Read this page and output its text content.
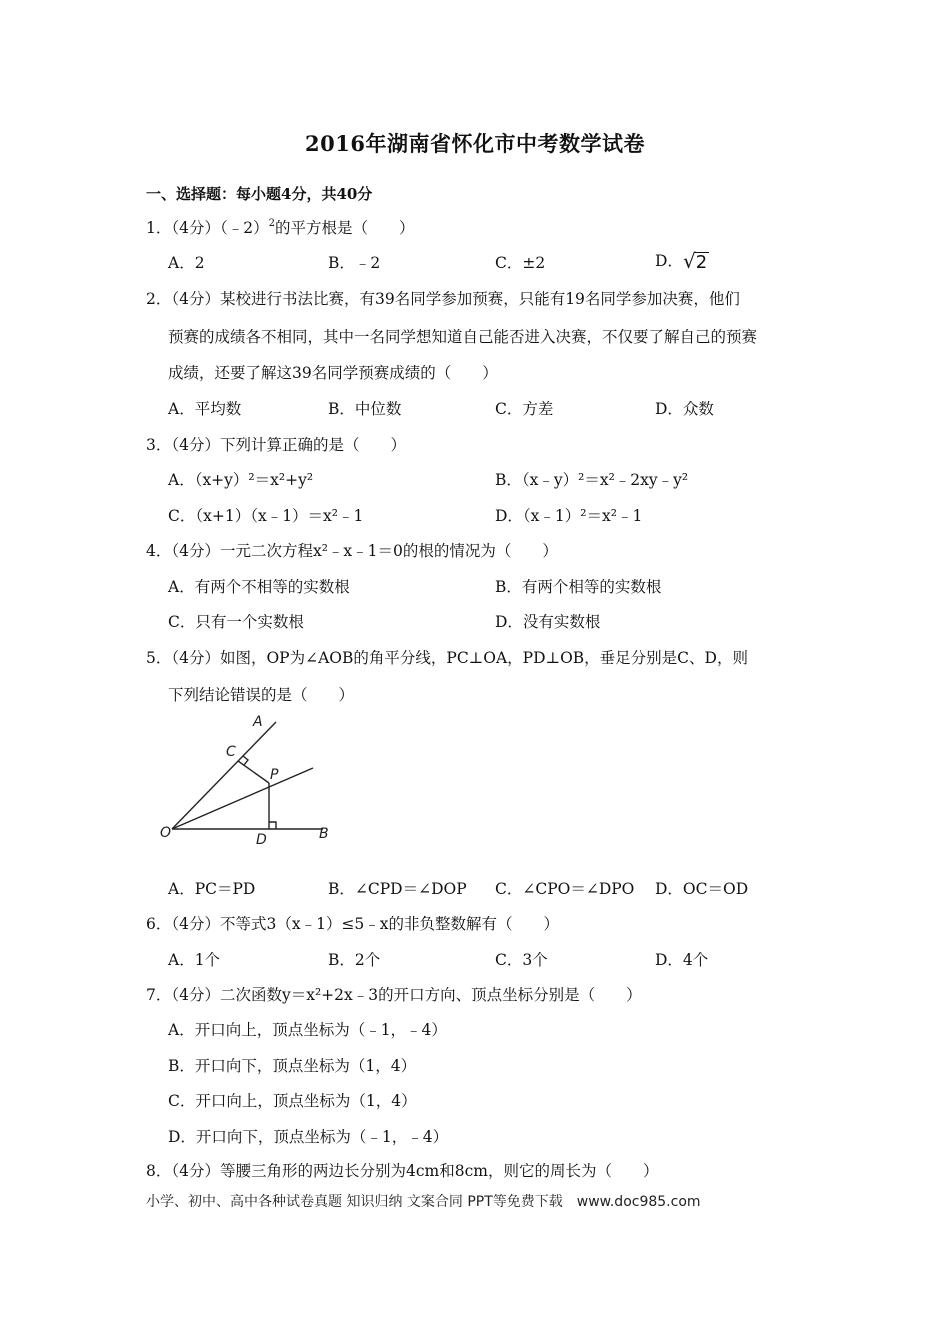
2016年湖南省怀化市中考数学试卷
一、选择题：每小题4分，共40分
1．（4分）（﹣2）$^2$的平方根是（　　）
A．2	B．﹣2	C．±2	D．√2
2．（4分）某校进行书法比赛，有39名同学参加预赛，只能有19名同学参加决赛，他们
预赛的成绩各不相同，其中一名同学想知道自己能否进入决赛，不仅要了解自己的预赛
成绩，还要了解这39名同学预赛成绩的（　　）
A．平均数	B．中位数	C．方差	D．众数
3．（4分）下列计算正确的是（　　）
A．（x+y）²＝x²+y²	B．（x﹣y）²＝x²﹣2xy﹣y²
C．（x+1）（x﹣1）＝x²﹣1	D．（x﹣1）²＝x²﹣1
4．（4分）一元二次方程x²﹣x﹣1＝0的根的情况为（　　）
A．有两个不相等的实数根	B．有两个相等的实数根
C．只有一个实数根	D．没有实数根
5．（4分）如图，OP为∠AOB的角平分线，PC⊥OA，PD⊥OB，垂足分别是C、D，则
下列结论错误的是（　　）
A
C
P
O	D	B
A．PC＝PD	B．∠CPD＝∠DOP C．∠CPO＝∠DPO D．OC＝OD
6．（4分）不等式3（x﹣1）≤5﹣x的非负整数解有（　　）
A．1个	B．2个	C．3个	D．4个
7．（4分）二次函数y＝x²+2x﹣3的开口方向、顶点坐标分别是（　　）
A．开口向上，顶点坐标为（﹣1，﹣4）
B．开口向下，顶点坐标为（1，4）
C．开口向上，顶点坐标为（1，4）
D．开口向下，顶点坐标为（﹣1，﹣4）
8．（4分）等腰三角形的两边长分别为4cm和8cm，则它的周长为（　　）
小学、初中、高中各种试卷真题 知识归纳 文案合同 PPT等免费下载　www.doc985.com
